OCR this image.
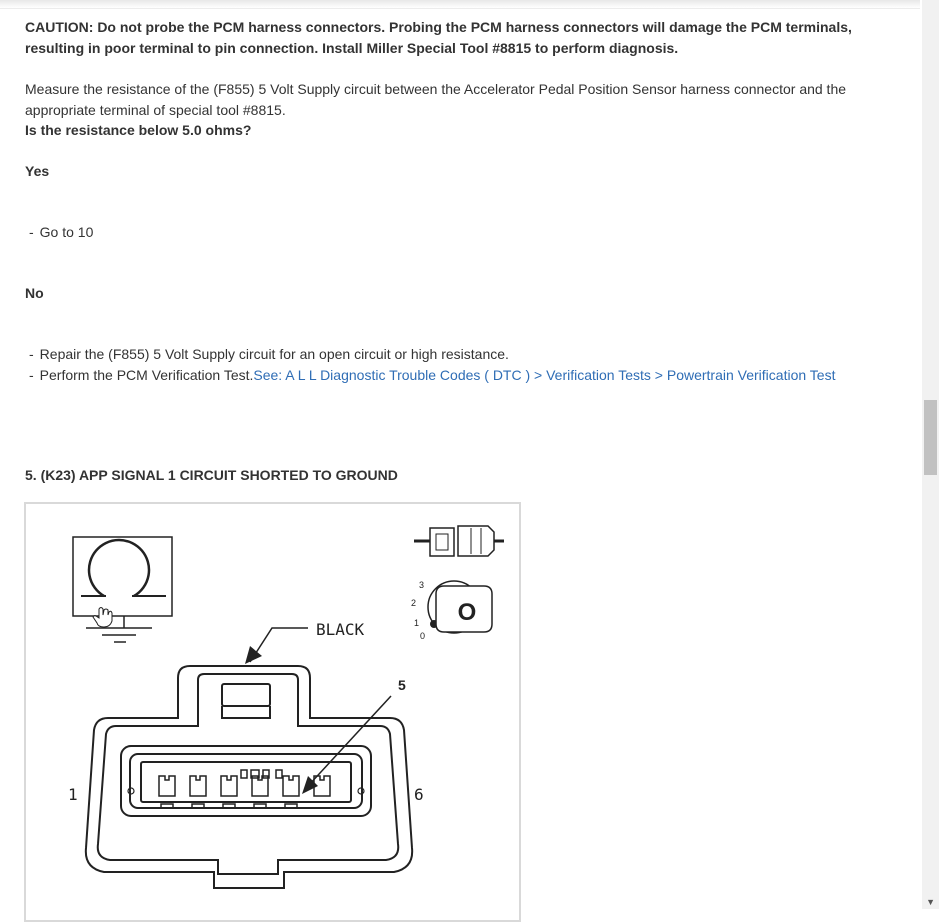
CAUTION: Do not probe the PCM harness connectors. Probing the PCM harness connectors will damage the PCM terminals, resulting in poor terminal to pin connection. Install Miller Special Tool #8815 to perform diagnosis.

Measure the resistance of the (F855) 5 Volt Supply circuit between the Accelerator Pedal Position Sensor harness connector and the appropriate terminal of special tool #8815.

Is the resistance below 5.0 ohms?

Yes

- Go to 10

No

- Repair the (F855) 5 Volt Supply circuit for an open circuit or high resistance.

- Perform the PCM Verification Test.See: A L L Diagnostic Trouble Codes ( DTC ) > Verification Tests > Powertrain Verification Test

5. (K23) APP SIGNAL 1 CIRCUIT SHORTED TO GROUND

O
3
2
1
0
BLACK
5
1	6
▼
